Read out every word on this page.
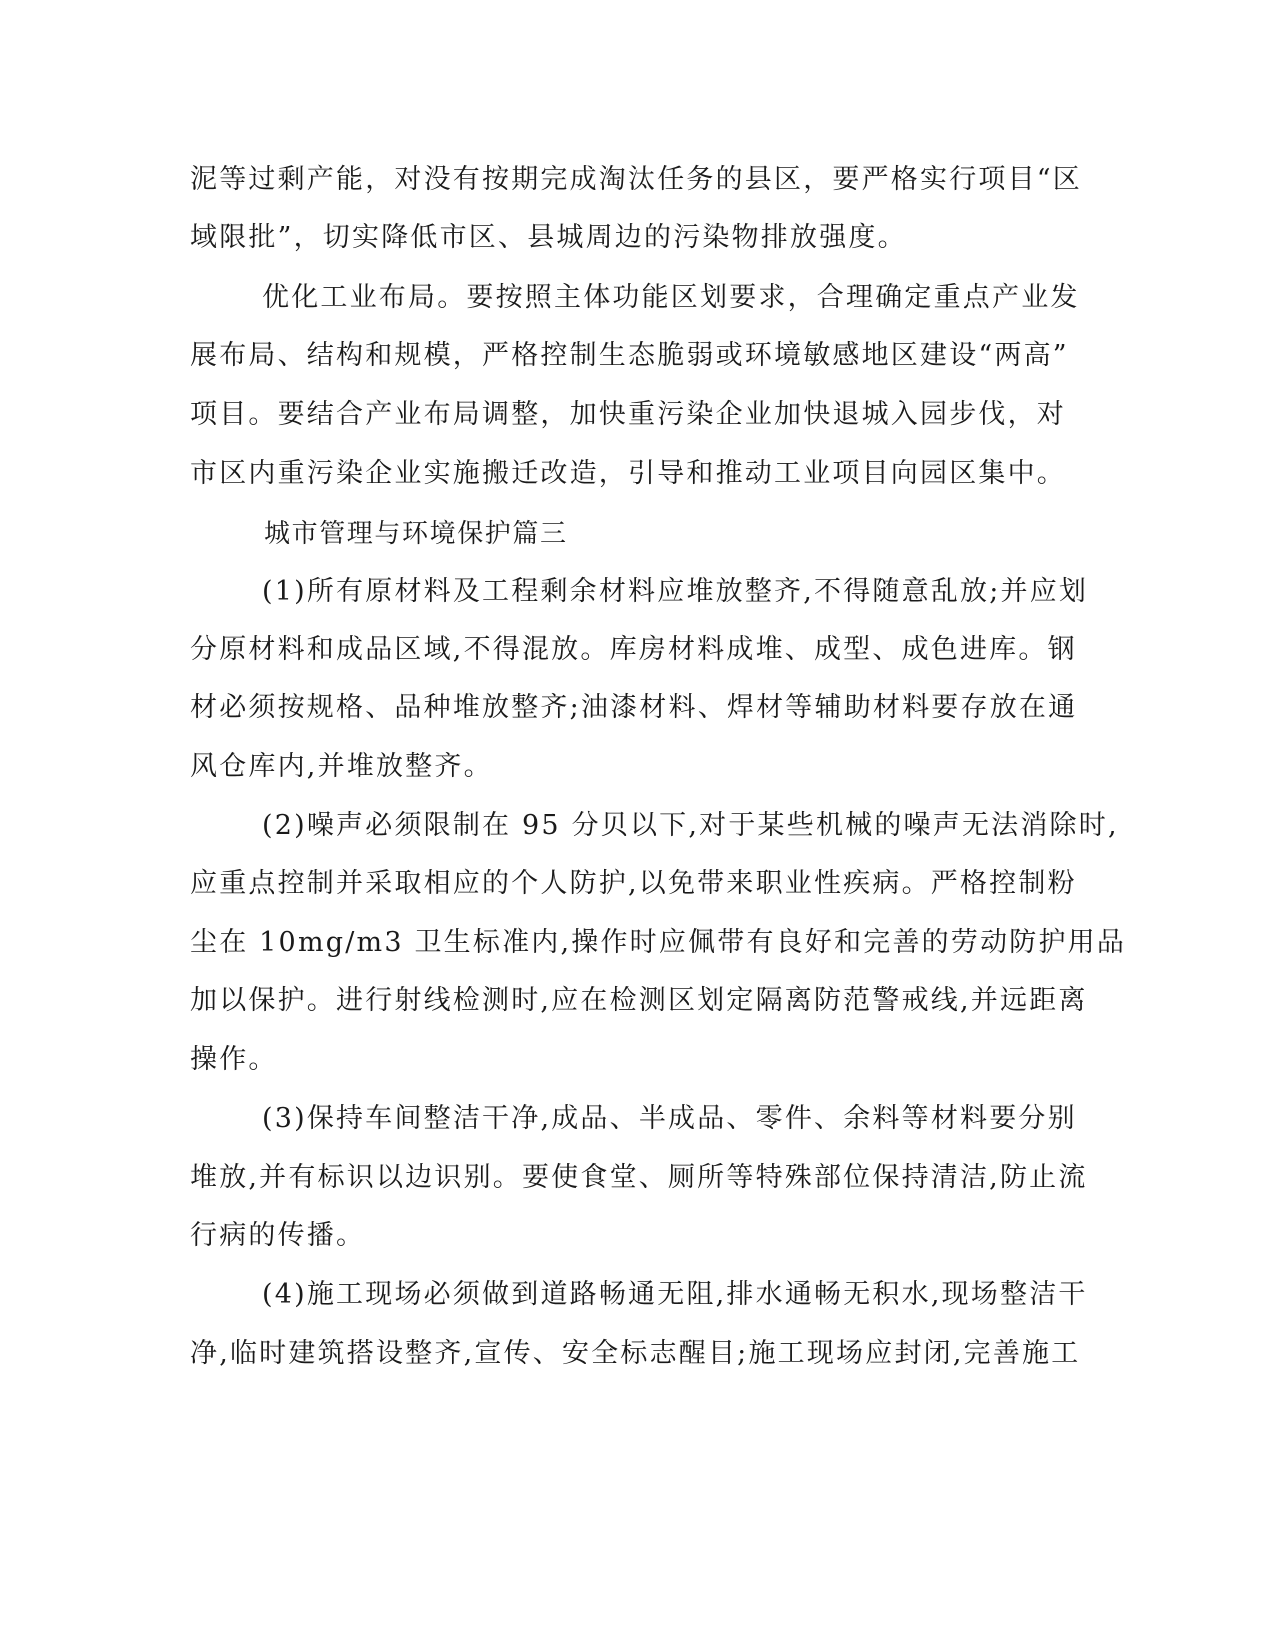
泥等过剩产能，对没有按期完成淘汰任务的县区，要严格实行项目“区
域限批”，切实降低市区、县城周边的污染物排放强度。
优化工业布局。要按照主体功能区划要求，合理确定重点产业发
展布局、结构和规模，严格控制生态脆弱或环境敏感地区建设“两高”
项目。要结合产业布局调整，加快重污染企业加快退城入园步伐，对
市区内重污染企业实施搬迁改造，引导和推动工业项目向园区集中。
城市管理与环境保护篇三
(1)所有原材料及工程剩余材料应堆放整齐,不得随意乱放;并应划
分原材料和成品区域,不得混放。库房材料成堆、成型、成色进库。钢
材必须按规格、品种堆放整齐;油漆材料、焊材等辅助材料要存放在通
风仓库内,并堆放整齐。
(2)噪声必须限制在 95 分贝以下,对于某些机械的噪声无法消除时,
应重点控制并采取相应的个人防护,以免带来职业性疾病。严格控制粉
尘在 10mg/m3 卫生标准内,操作时应佩带有良好和完善的劳动防护用品
加以保护。进行射线检测时,应在检测区划定隔离防范警戒线,并远距离
操作。
(3)保持车间整洁干净,成品、半成品、零件、余料等材料要分别
堆放,并有标识以边识别。要使食堂、厕所等特殊部位保持清洁,防止流
行病的传播。
(4)施工现场必须做到道路畅通无阻,排水通畅无积水,现场整洁干
净,临时建筑搭设整齐,宣传、安全标志醒目;施工现场应封闭,完善施工
